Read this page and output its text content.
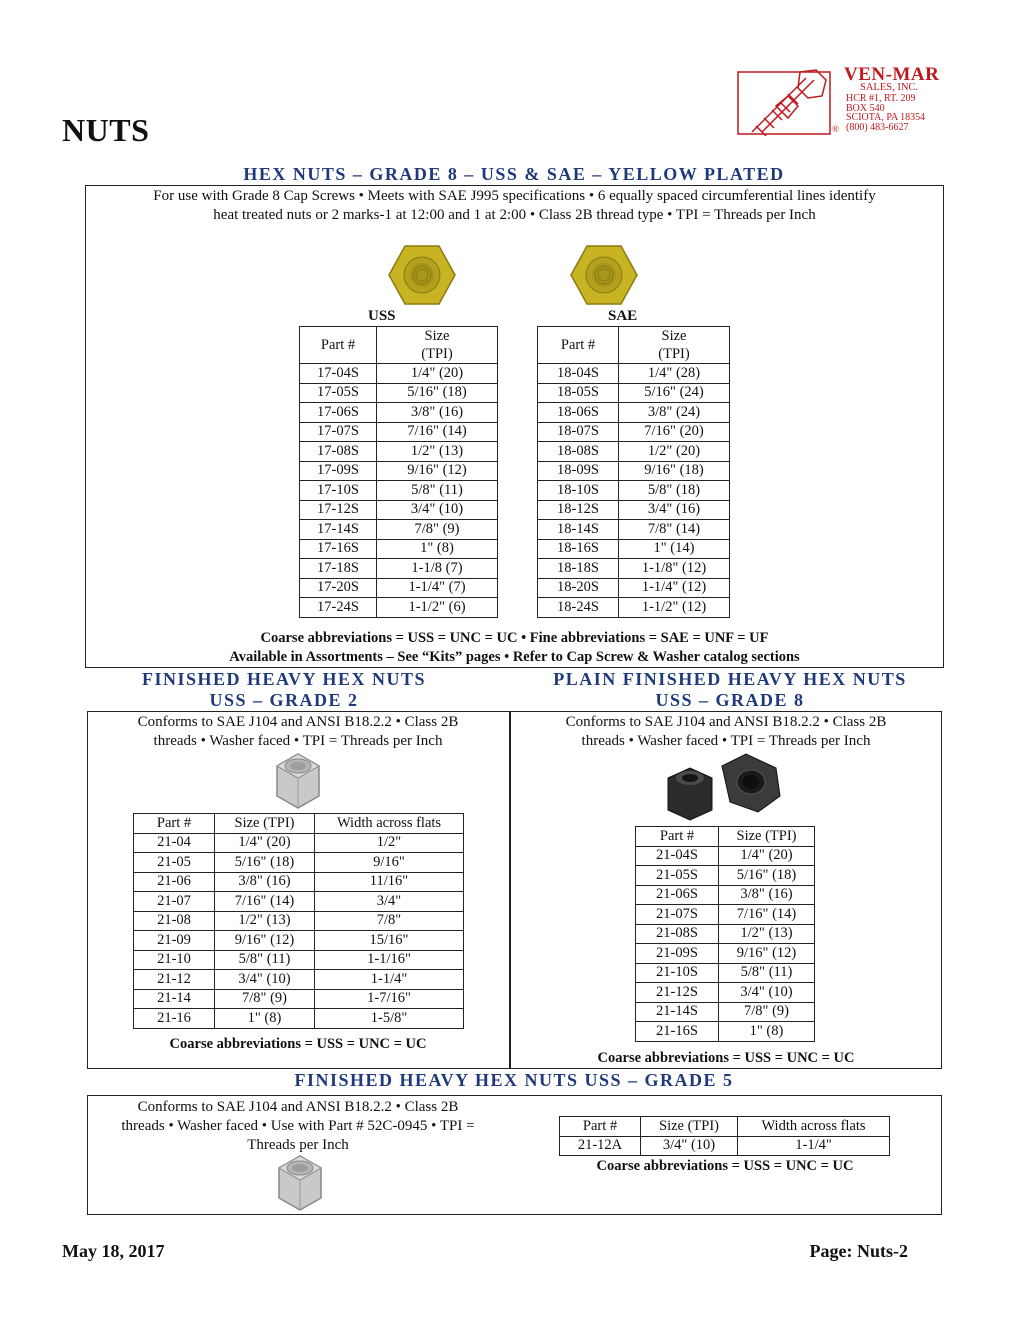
NUTS	®
VEN-MAR
SALES, INC.
HCR #1, RT. 209
BOX 540
SCIOTA, PA 18354
(800) 483-6627
HEX NUTS – GRADE 8 – USS & SAE – YELLOW PLATED
For use with Grade 8 Cap Screws • Meets with SAE J995 specifications • 6 equally spaced circumferential lines identify
heat treated nuts or 2 marks-1 at 12:00 and 1 at 2:00 • Class 2B thread type • TPI = Threads per Inch
USS	SAE
Part #	Size
(TPI)

17-04S	1/4" (20)
17-05S	5/16" (18)
17-06S	3/8" (16)
17-07S	7/16" (14)
17-08S	1/2" (13)
17-09S	9/16" (12)
17-10S	5/8" (11)
17-12S	3/4" (10)
17-14S	7/8" (9)
17-16S	1" (8)
17-18S	1-1/8 (7)
17-20S	1-1/4" (7)
17-24S	1-1/2" (6)
Part #	Size
(TPI)

18-04S	1/4" (28)
18-05S	5/16" (24)
18-06S	3/8" (24)
18-07S	7/16" (20)
18-08S	1/2" (20)
18-09S	9/16" (18)
18-10S	5/8" (18)
18-12S	3/4" (16)
18-14S	7/8" (14)
18-16S	1" (14)
18-18S	1-1/8" (12)
18-20S	1-1/4" (12)
18-24S	1-1/2" (12)
Coarse abbreviations = USS = UNC = UC • Fine abbreviations = SAE = UNF = UF
Available in Assortments – See “Kits” pages • Refer to Cap Screw & Washer catalog sections
FINISHED HEAVY HEX NUTS
USS – GRADE 2
PLAIN FINISHED HEAVY HEX NUTS
USS – GRADE 8
Conforms to SAE J104 and ANSI B18.2.2 • Class 2B
threads • Washer faced • TPI = Threads per Inch
Part #	Size (TPI)	Width across flats
21-04	1/4" (20)	1/2"
21-05	5/16" (18)	9/16"
21-06	3/8" (16)	11/16"
21-07	7/16" (14)	3/4"
21-08	1/2" (13)	7/8"
21-09	9/16" (12)	15/16"
21-10	5/8" (11)	1-1/16"
21-12	3/4" (10)	1-1/4"
21-14	7/8" (9)	1-7/16"
21-16	1" (8)	1-5/8"
Coarse abbreviations = USS = UNC = UC
Conforms to SAE J104 and ANSI B18.2.2 • Class 2B
threads • Washer faced • TPI = Threads per Inch
Part #	Size (TPI)
21-04S	1/4" (20)
21-05S	5/16" (18)
21-06S	3/8" (16)
21-07S	7/16" (14)
21-08S	1/2" (13)
21-09S	9/16" (12)
21-10S	5/8" (11)
21-12S	3/4" (10)
21-14S	7/8" (9)
21-16S	1" (8)
Coarse abbreviations = USS = UNC = UC
FINISHED HEAVY HEX NUTS USS – GRADE 5
Conforms to SAE J104 and ANSI B18.2.2 • Class 2B
threads • Washer faced • Use with Part # 52C-0945 • TPI =
Threads per Inch
Part #	Size (TPI)	Width across flats
21-12A	3/4" (10)	1-1/4"
Coarse abbreviations = USS = UNC = UC
May 18, 2017	Page: Nuts-2
